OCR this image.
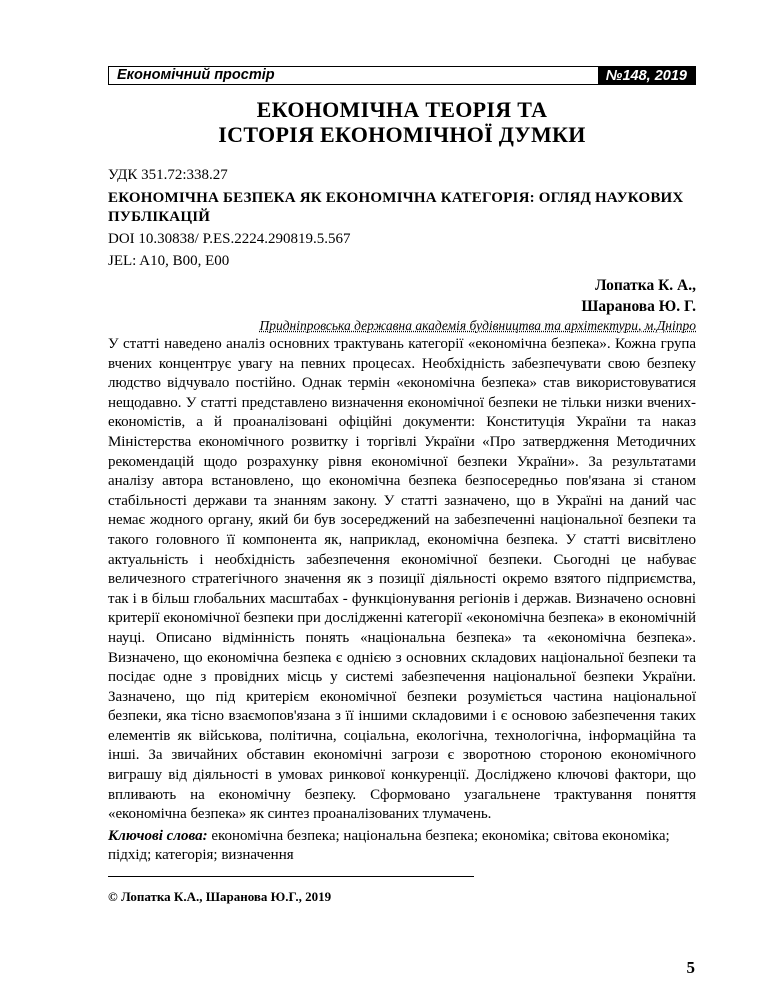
Економічний простір	№148, 2019
ЕКОНОМІЧНА ТЕОРІЯ ТА
ІСТОРІЯ ЕКОНОМІЧНОЇ ДУМКИ
УДК 351.72:338.27
ЕКОНОМІЧНА БЕЗПЕКА ЯК ЕКОНОМІЧНА КАТЕГОРІЯ: ОГЛЯД НАУКОВИХ ПУБЛІКАЦІЙ
DOI 10.30838/ P.ES.2224.290819.5.567
JEL: A10, B00, E00
Лопатка К. А.,
Шаранова Ю. Г.
Придніпровська державна академія будівництва та архітектури, м.Дніпро
У статті наведено аналіз основних трактувань категорії «економічна безпека». Кожна група вчених концентрує увагу на певних процесах. Необхідність забезпечувати свою безпеку людство відчувало постійно. Однак термін «економічна безпека» став використовуватися нещодавно. У статті представлено визначення економічної безпеки не тільки низки вчених-економістів, а й проаналізовані офіційні документи: Конституція України та наказ Міністерства економічного розвитку і торгівлі України «Про затвердження Методичних рекомендацій щодо розрахунку рівня економічної безпеки України». За результатами аналізу автора встановлено, що економічна безпека безпосередньо пов'язана зі станом стабільності держави та знанням закону. У статті зазначено, що в Україні на даний час немає жодного органу, який би був зосереджений на забезпеченні національної безпеки та такого головного її компонента як, наприклад, економічна безпека. У статті висвітлено актуальність і необхідність забезпечення економічної безпеки. Сьогодні це набуває величезного стратегічного значення як з позиції діяльності окремо взятого підприємства, так і в більш глобальних масштабах - функціонування регіонів і держав. Визначено основні критерії економічної безпеки при дослідженні категорії «економічна безпека» в економічній науці. Описано відмінність понять «національна безпека» та «економічна безпека». Визначено, що економічна безпека є однією з основних складових національної безпеки та посідає одне з провідних місць у системі забезпечення національної безпеки України. Зазначено, що під критерієм економічної безпеки розуміється частина національної безпеки, яка тісно взаємопов'язана з її іншими складовими і є основою забезпечення таких елементів як військова, політична, соціальна, екологічна, технологічна, інформаційна та інші. За звичайних обставин економічні загрози є зворотною стороною економічного виграшу від діяльності в умовах ринкової конкуренції. Досліджено ключові фактори, що впливають на економічну безпеку. Сформовано узагальнене трактування поняття «економічна безпека» як синтез проаналізованих тлумачень.
Ключові слова: економічна безпека; національна безпека; економіка; світова економіка; підхід; категорія; визначення
© Лопатка К.А., Шаранова Ю.Г., 2019
5
